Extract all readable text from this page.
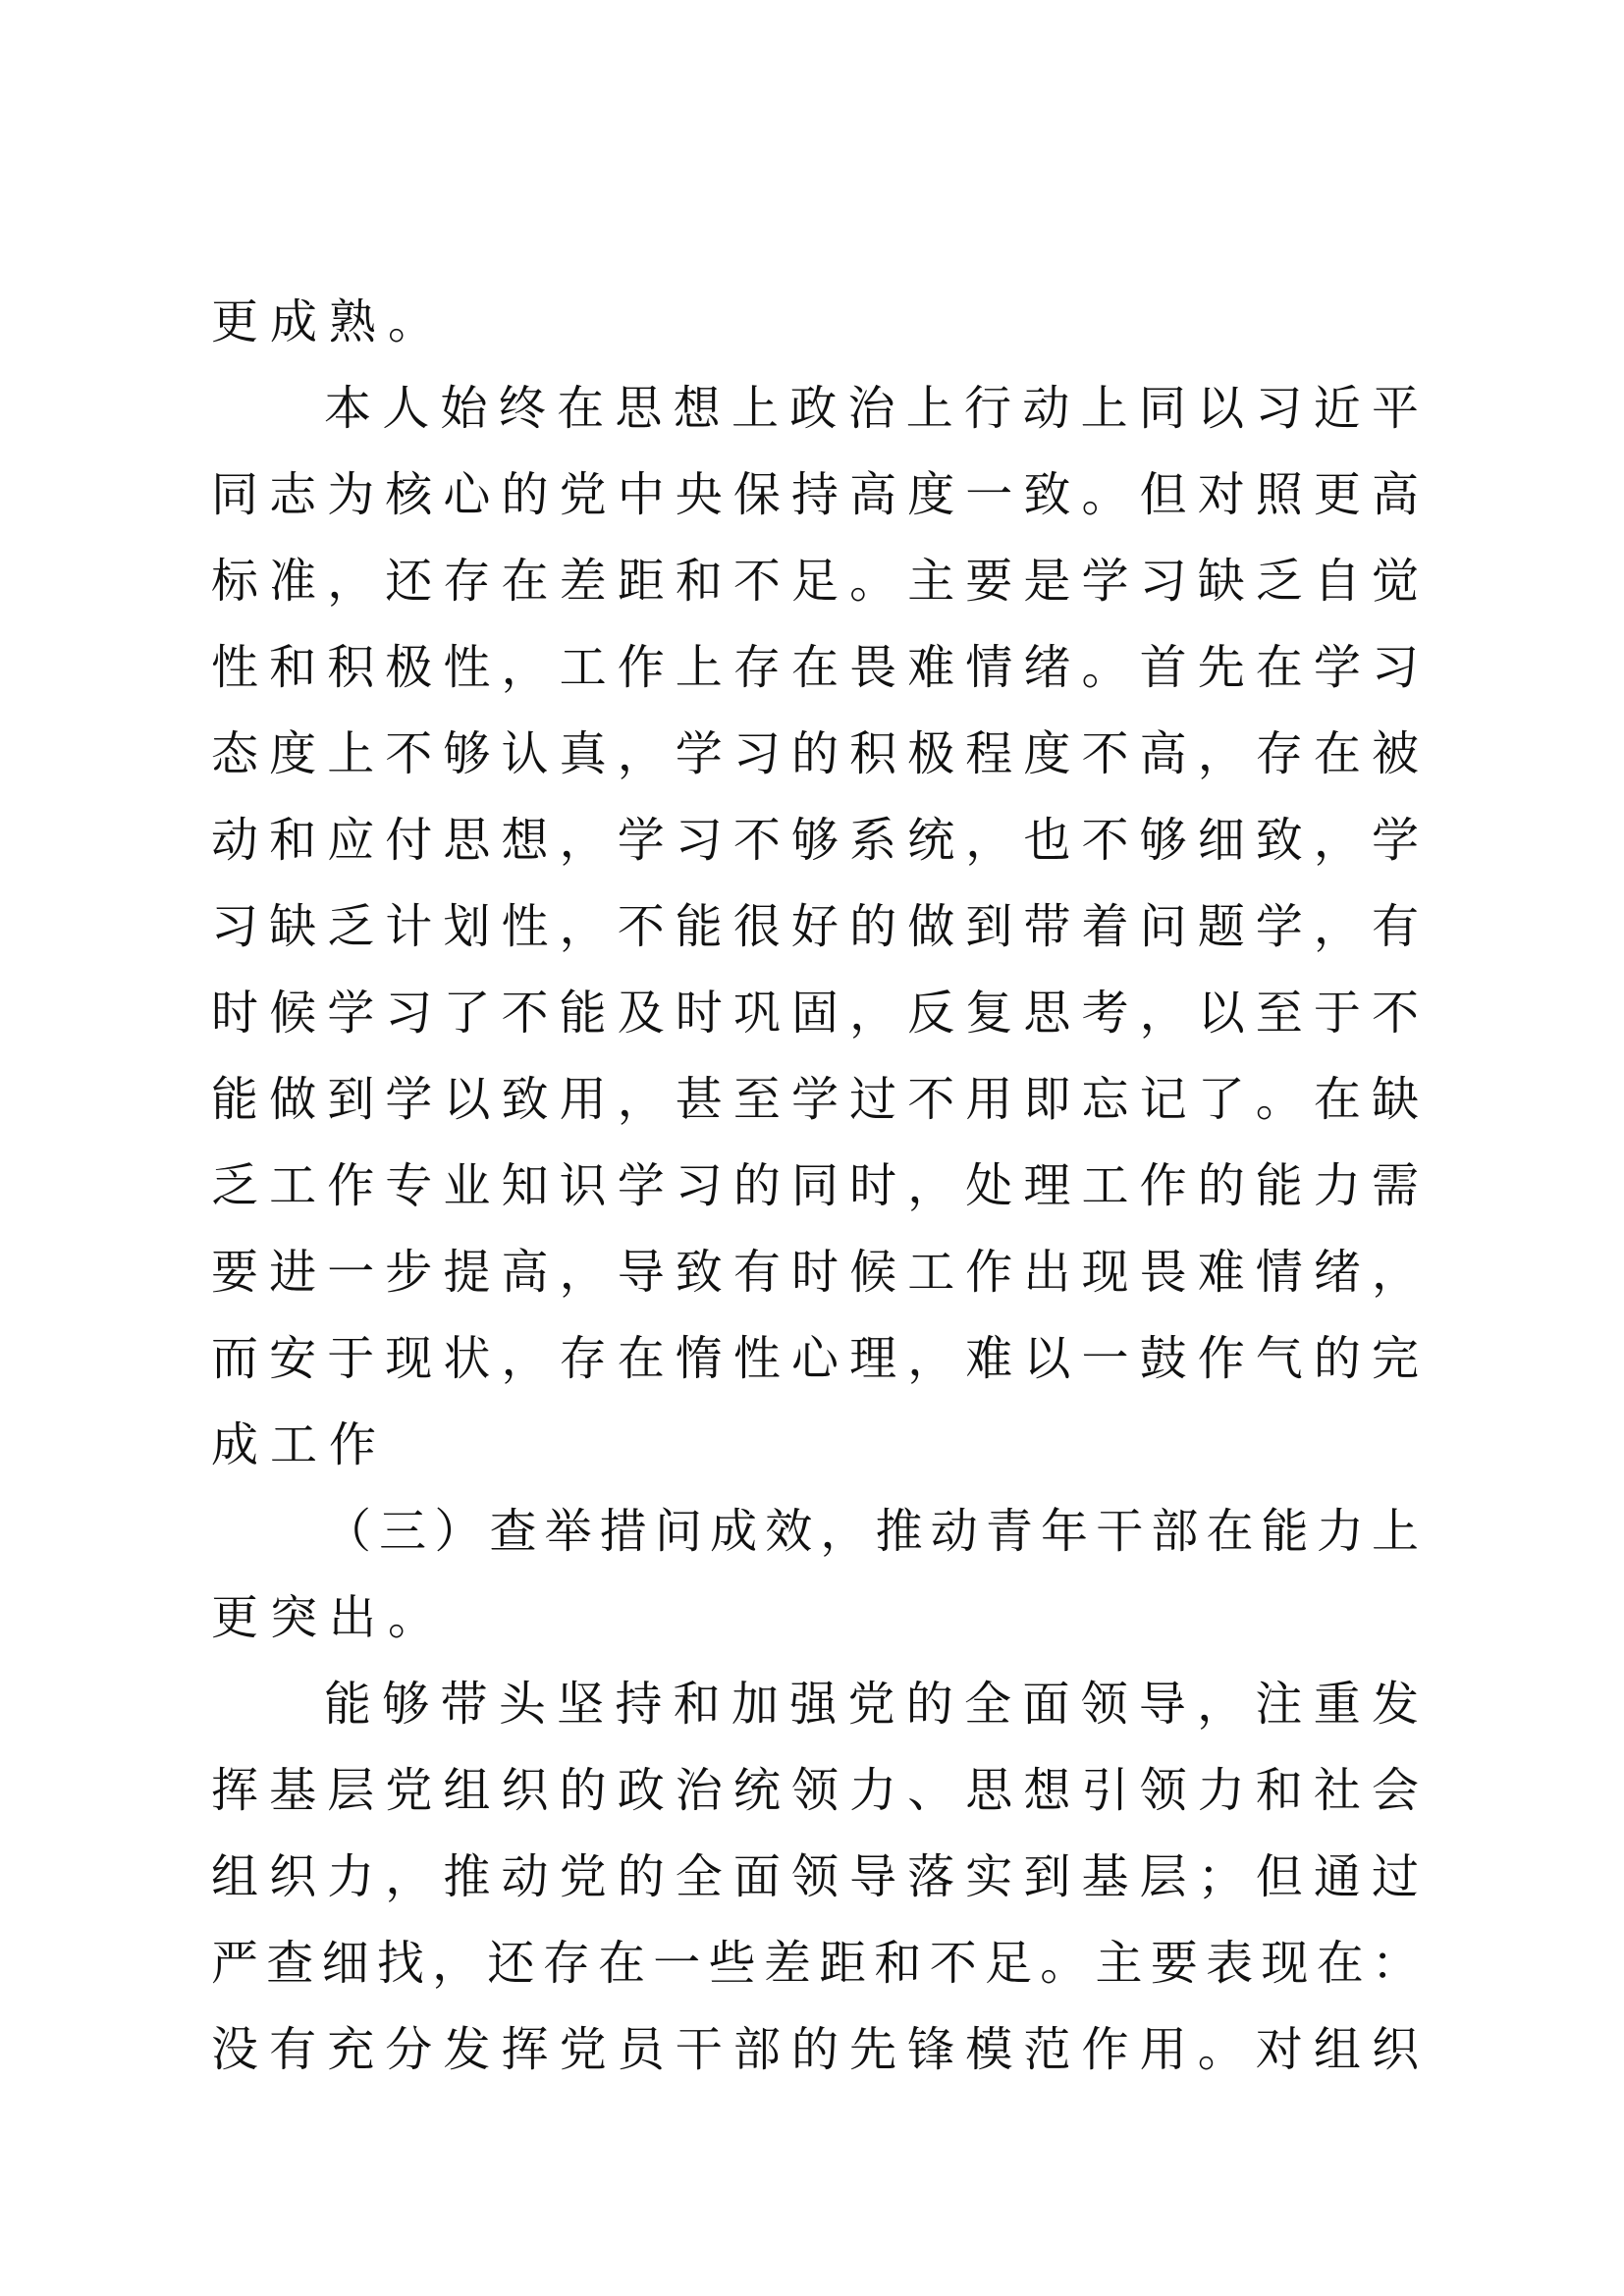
更成熟。
本人始终在思想上政治上行动上同以习近平
同志为核心的党中央保持高度一致。但对照更高
标准，还存在差距和不足。主要是学习缺乏自觉
性和积极性，工作上存在畏难情绪。首先在学习
态度上不够认真，学习的积极程度不高，存在被
动和应付思想，学习不够系统，也不够细致，学
习缺乏计划性，不能很好的做到带着问题学，有
时候学习了不能及时巩固，反复思考，以至于不
能做到学以致用，甚至学过不用即忘记了。在缺
乏工作专业知识学习的同时，处理工作的能力需
要进一步提高，导致有时候工作出现畏难情绪，
而安于现状，存在惰性心理，难以一鼓作气的完
成工作
（三）查举措问成效，推动青年干部在能力上
更突出。
能够带头坚持和加强党的全面领导，注重发
挥基层党组织的政治统领力、思想引领力和社会
组织力，推动党的全面领导落实到基层；但通过
严查细找，还存在一些差距和不足。主要表现在：
没有充分发挥党员干部的先锋模范作用。对组织
